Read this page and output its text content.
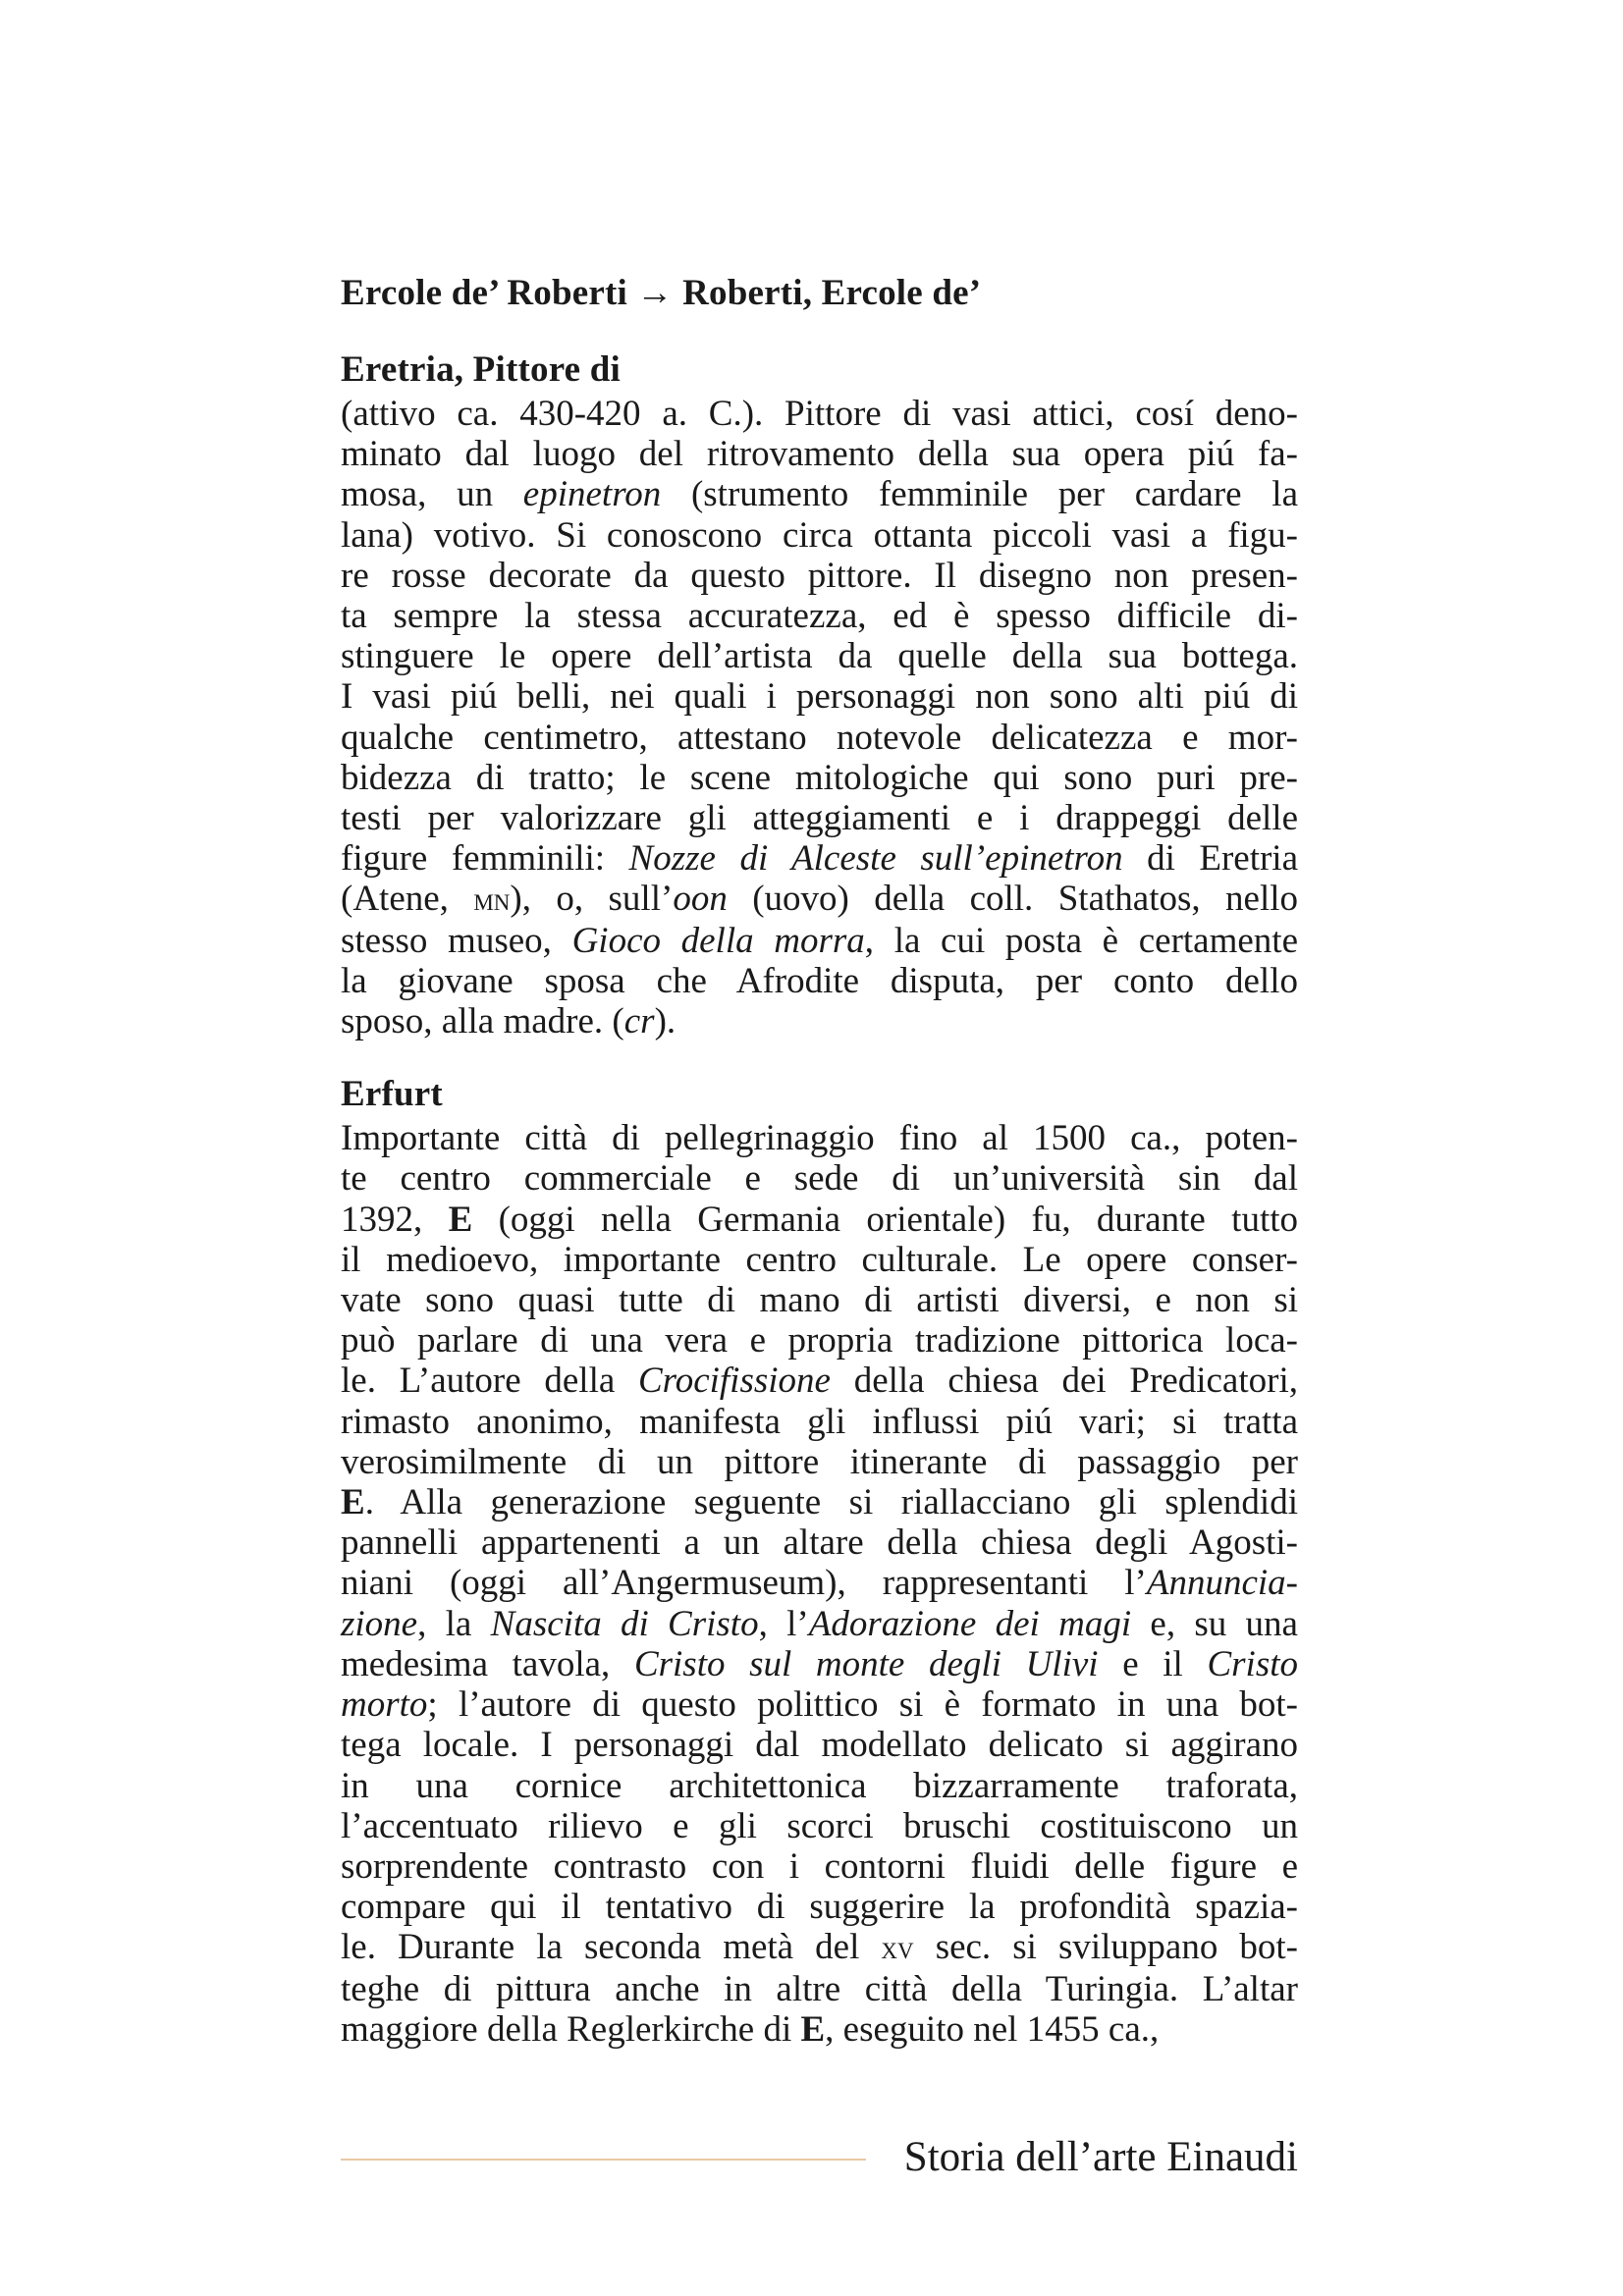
Ercole de’ Roberti → Roberti, Ercole de’

Eretria, Pittore di

(attivo ca. 430-420 a. C.). Pittore di vasi attici, cosí deno-
minato dal luogo del ritrovamento della sua opera piú fa-
mosa, un epinetron (strumento femminile per cardare la
lana) votivo. Si conoscono circa ottanta piccoli vasi a figu-
re rosse decorate da questo pittore. Il disegno non presen-
ta sempre la stessa accuratezza, ed è spesso difficile di-
stinguere le opere dell’artista da quelle della sua bottega.
I vasi piú belli, nei quali i personaggi non sono alti piú di
qualche centimetro, attestano notevole delicatezza e mor-
bidezza di tratto; le scene mitologiche qui sono puri pre-
testi per valorizzare gli atteggiamenti e i drappeggi delle
figure femminili: Nozze di Alceste sull’epinetron di Eretria
(Atene, mn), o, sull’oon (uovo) della coll. Stathatos, nello
stesso museo, Gioco della morra, la cui posta è certamente
la giovane sposa che Afrodite disputa, per conto dello
sposo, alla madre. (cr).

Erfurt

Importante città di pellegrinaggio fino al 1500 ca., poten-
te centro commerciale e sede di un’università sin dal
1392, E (oggi nella Germania orientale) fu, durante tutto
il medioevo, importante centro culturale. Le opere conser-
vate sono quasi tutte di mano di artisti diversi, e non si
può parlare di una vera e propria tradizione pittorica loca-
le. L’autore della Crocifissione della chiesa dei Predicatori,
rimasto anonimo, manifesta gli influssi piú vari; si tratta
verosimilmente di un pittore itinerante di passaggio per
E. Alla generazione seguente si riallacciano gli splendidi
pannelli appartenenti a un altare della chiesa degli Agosti-
niani (oggi all’Angermuseum), rappresentanti l’Annuncia-
zione, la Nascita di Cristo, l’Adorazione dei magi e, su una
medesima tavola, Cristo sul monte degli Ulivi e il Cristo
morto; l’autore di questo polittico si è formato in una bot-
tega locale. I personaggi dal modellato delicato si aggirano
in una cornice architettonica bizzarramente traforata,
l’accentuato rilievo e gli scorci bruschi costituiscono un
sorprendente contrasto con i contorni fluidi delle figure e
compare qui il tentativo di suggerire la profondità spazia-
le. Durante la seconda metà del xv sec. si sviluppano bot-
teghe di pittura anche in altre città della Turingia. L’altar
maggiore della Reglerkirche di E, eseguito nel 1455 ca.,
Storia dell’arte Einaudi
